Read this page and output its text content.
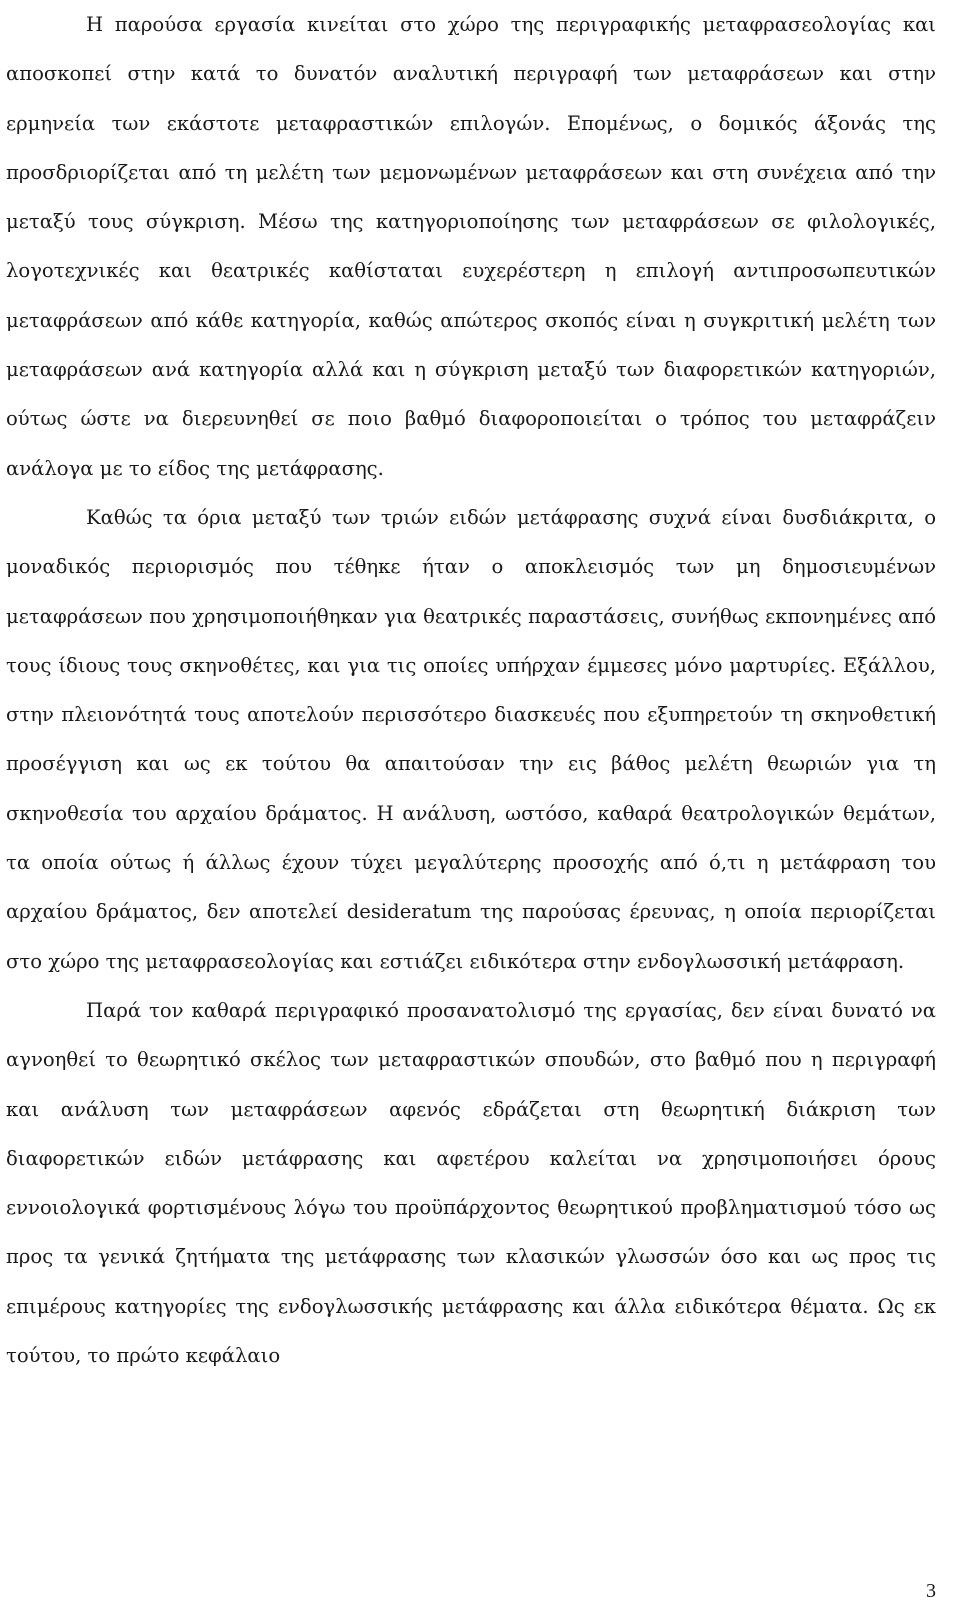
Η παρούσα εργασία κινείται στο χώρο της περιγραφικής μεταφρασεολογίας και αποσκοπεί στην κατά το δυνατόν αναλυτική περιγραφή των μεταφράσεων και στην ερμηνεία των εκάστοτε μεταφραστικών επιλογών. Επομένως, ο δομικός άξονάς της προσδριορίζεται από τη μελέτη των μεμονωμένων μεταφράσεων και στη συνέχεια από την μεταξύ τους σύγκριση. Μέσω της κατηγοριοποίησης των μεταφράσεων σε φιλολογικές, λογοτεχνικές και θεατρικές καθίσταται ευχερέστερη η επιλογή αντιπροσωπευτικών μεταφράσεων από κάθε κατηγορία, καθώς απώτερος σκοπός είναι η συγκριτική μελέτη των μεταφράσεων ανά κατηγορία αλλά και η σύγκριση μεταξύ των διαφορετικών κατηγοριών, ούτως ώστε να διερευνηθεί σε ποιο βαθμό διαφοροποιείται ο τρόπος του μεταφράζειν ανάλογα με το είδος της μετάφρασης.

Καθώς τα όρια μεταξύ των τριών ειδών μετάφρασης συχνά είναι δυσδιάκριτα, ο μοναδικός περιορισμός που τέθηκε ήταν ο αποκλεισμός των μη δημοσιευμένων μεταφράσεων που χρησιμοποιήθηκαν για θεατρικές παραστάσεις, συνήθως εκπονημένες από τους ίδιους τους σκηνοθέτες, και για τις οποίες υπήρχαν έμμεσες μόνο μαρτυρίες. Εξάλλου, στην πλειονότητά τους αποτελούν περισσότερο διασκευές που εξυπηρετούν τη σκηνοθετική προσέγγιση και ως εκ τούτου θα απαιτούσαν την εις βάθος μελέτη θεωριών για τη σκηνοθεσία του αρχαίου δράματος. Η ανάλυση, ωστόσο, καθαρά θεατρολογικών θεμάτων, τα οποία ούτως ή άλλως έχουν τύχει μεγαλύτερης προσοχής από ό,τι η μετάφραση του αρχαίου δράματος, δεν αποτελεί desideratum της παρούσας έρευνας, η οποία περιορίζεται στο χώρο της μεταφρασεολογίας και εστιάζει ειδικότερα στην ενδογλωσσική μετάφραση.

Παρά τον καθαρά περιγραφικό προσανατολισμό της εργασίας, δεν είναι δυνατό να αγνοηθεί το θεωρητικό σκέλος των μεταφραστικών σπουδών, στο βαθμό που η περιγραφή και ανάλυση των μεταφράσεων αφενός εδράζεται στη θεωρητική διάκριση των διαφορετικών ειδών μετάφρασης και αφετέρου καλείται να χρησιμοποιήσει όρους εννοιολογικά φορτισμένους λόγω του προϋπάρχοντος θεωρητικού προβληματισμού τόσο ως προς τα γενικά ζητήματα της μετάφρασης των κλασικών γλωσσών όσο και ως προς τις επιμέρους κατηγορίες της ενδογλωσσικής μετάφρασης και άλλα ειδικότερα θέματα. Ως εκ τούτου, το πρώτο κεφάλαιο

3
